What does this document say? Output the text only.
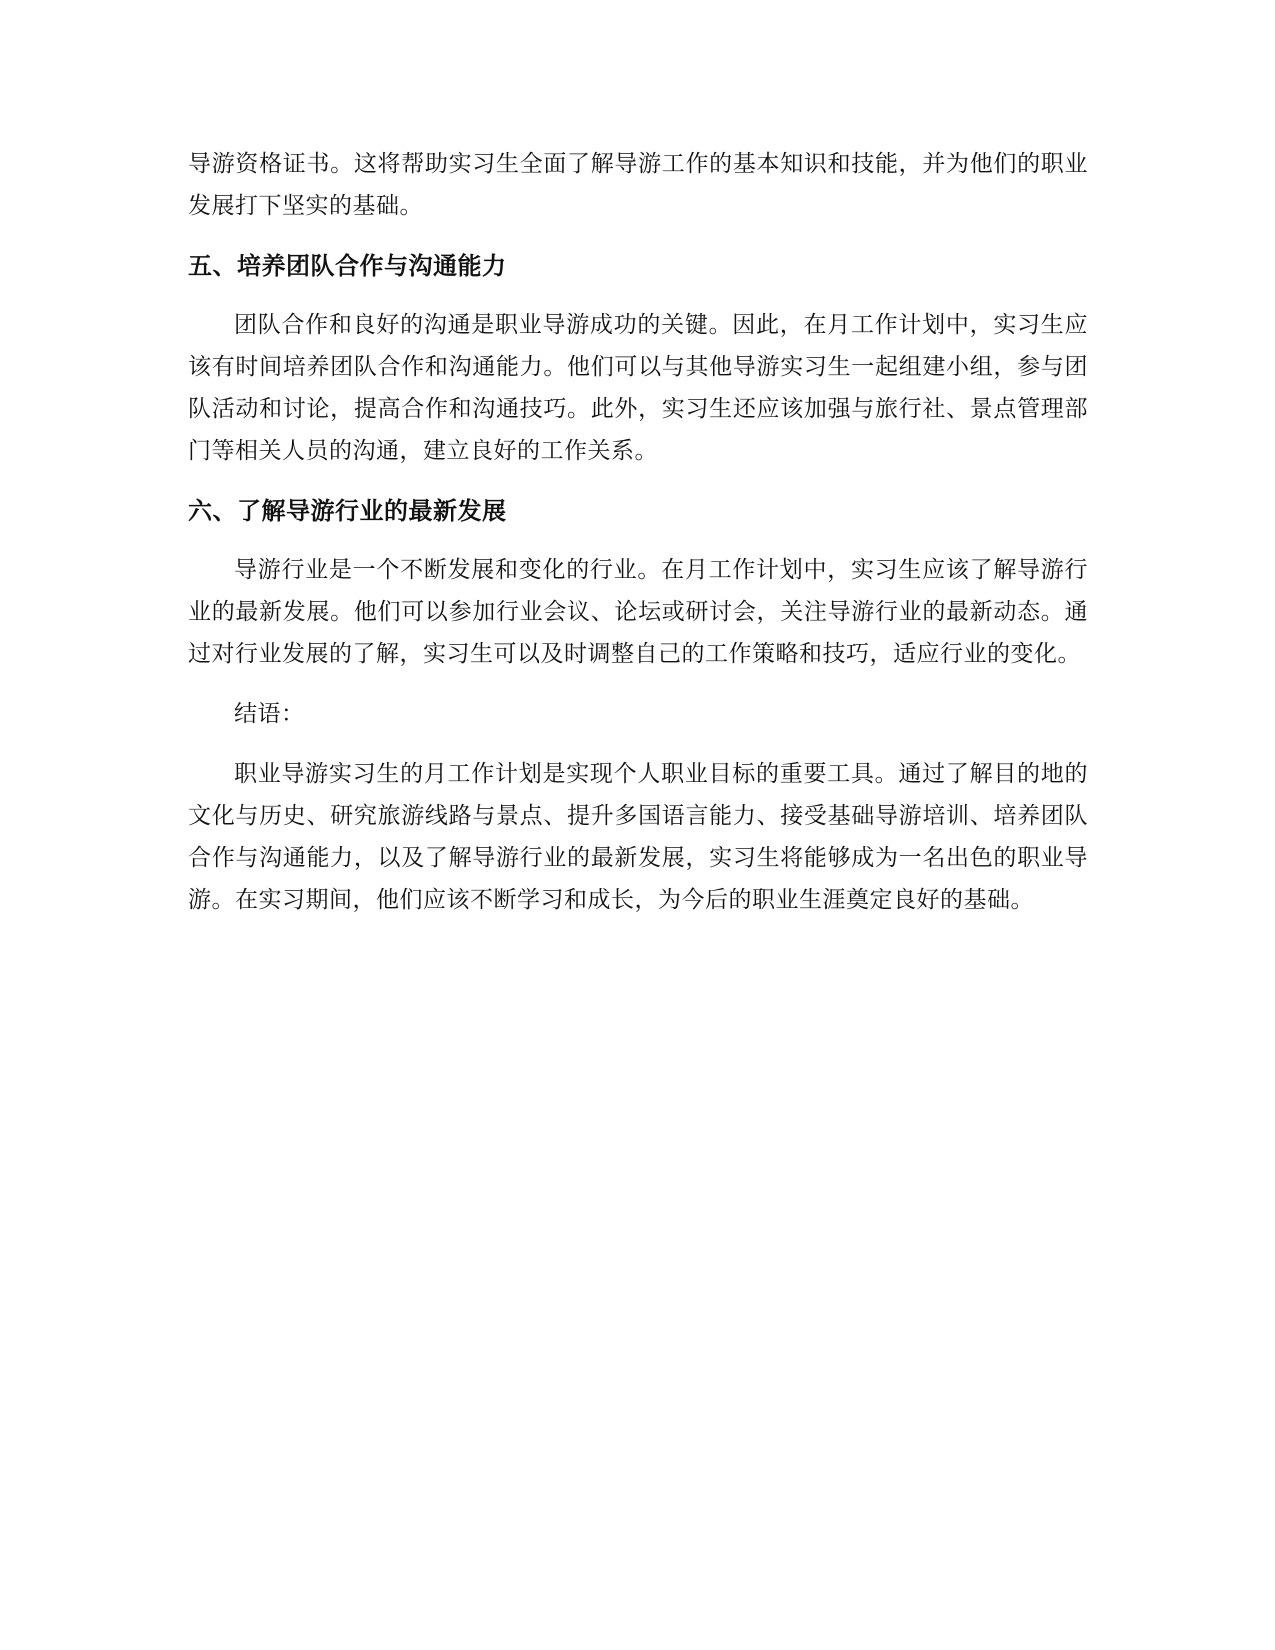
导游资格证书。这将帮助实习生全面了解导游工作的基本知识和技能，并为他们的职业发展打下坚实的基础。

五、培养团队合作与沟通能力

团队合作和良好的沟通是职业导游成功的关键。因此，在月工作计划中，实习生应该有时间培养团队合作和沟通能力。他们可以与其他导游实习生一起组建小组，参与团队活动和讨论，提高合作和沟通技巧。此外，实习生还应该加强与旅行社、景点管理部门等相关人员的沟通，建立良好的工作关系。

六、了解导游行业的最新发展

导游行业是一个不断发展和变化的行业。在月工作计划中，实习生应该了解导游行业的最新发展。他们可以参加行业会议、论坛或研讨会，关注导游行业的最新动态。通过对行业发展的了解，实习生可以及时调整自己的工作策略和技巧，适应行业的变化。

结语：

职业导游实习生的月工作计划是实现个人职业目标的重要工具。通过了解目的地的文化与历史、研究旅游线路与景点、提升多国语言能力、接受基础导游培训、培养团队合作与沟通能力，以及了解导游行业的最新发展，实习生将能够成为一名出色的职业导游。在实习期间，他们应该不断学习和成长，为今后的职业生涯奠定良好的基础。
